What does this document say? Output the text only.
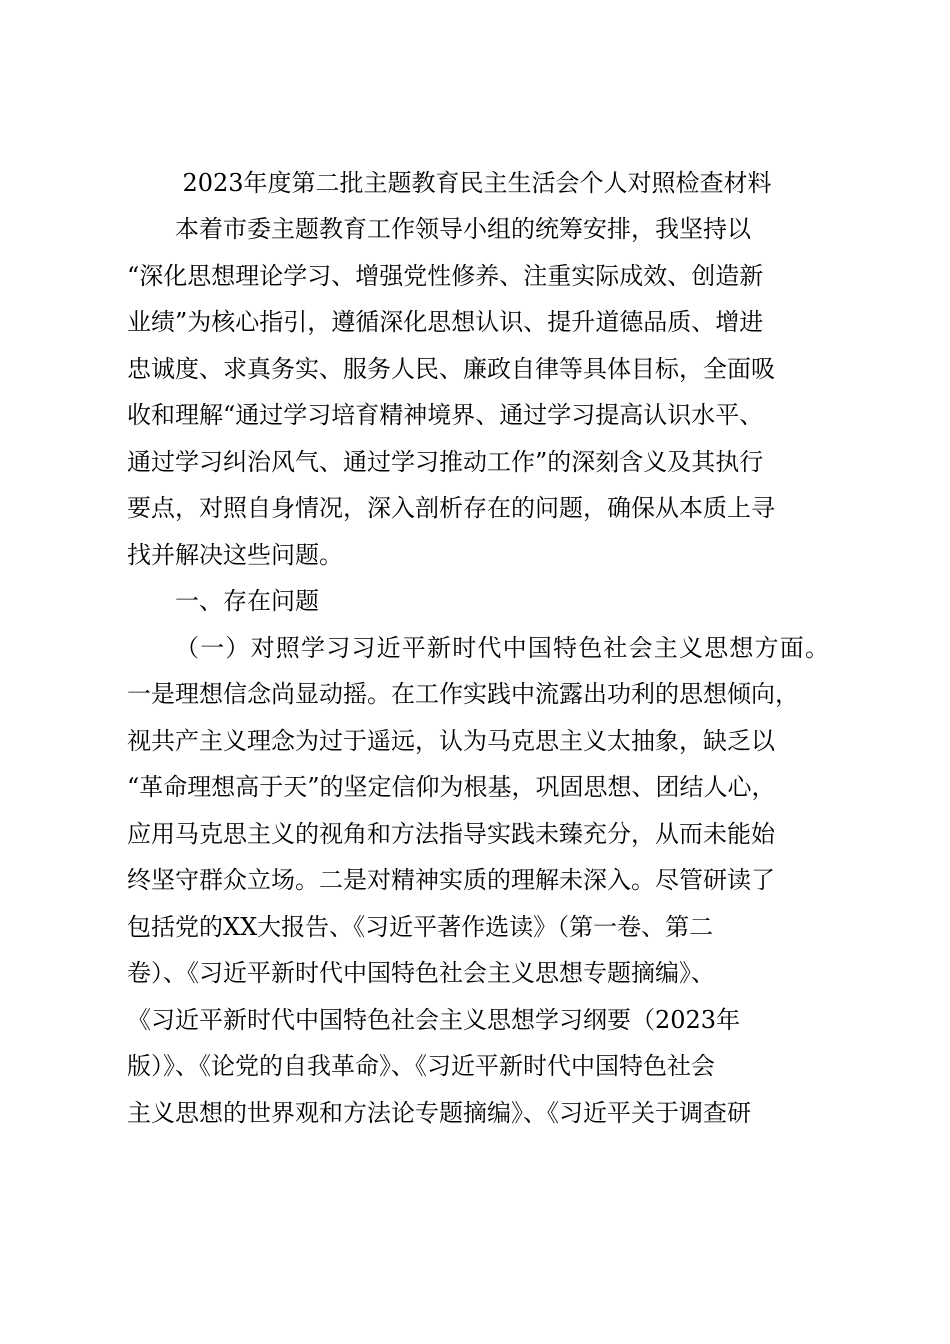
2023年度第二批主题教育民主生活会个人对照检查材料
本着市委主题教育工作领导小组的统筹安排，我坚持以
“深化思想理论学习、增强党性修养、注重实际成效、创造新
业绩”为核心指引，遵循深化思想认识、提升道德品质、增进
忠诚度、求真务实、服务人民、廉政自律等具体目标，全面吸
收和理解“通过学习培育精神境界、通过学习提高认识水平、
通过学习纠治风气、通过学习推动工作”的深刻含义及其执行
要点，对照自身情况，深入剖析存在的问题，确保从本质上寻
找并解决这些问题。
一、存在问题
（一）对照学习习近平新时代中国特色社会主义思想方面。
一是理想信念尚显动摇。在工作实践中流露出功利的思想倾向，
视共产主义理念为过于遥远，认为马克思主义太抽象，缺乏以
“革命理想高于天”的坚定信仰为根基，巩固思想、团结人心，
应用马克思主义的视角和方法指导实践未臻充分，从而未能始
终坚守群众立场。二是对精神实质的理解未深入。尽管研读了
包括党的XX大报告、《习近平著作选读》（第一卷、第二
卷）、《习近平新时代中国特色社会主义思想专题摘编》、
《习近平新时代中国特色社会主义思想学习纲要（2023年
版）》、《论党的自我革命》、《习近平新时代中国特色社会
主义思想的世界观和方法论专题摘编》、《习近平关于调查研
